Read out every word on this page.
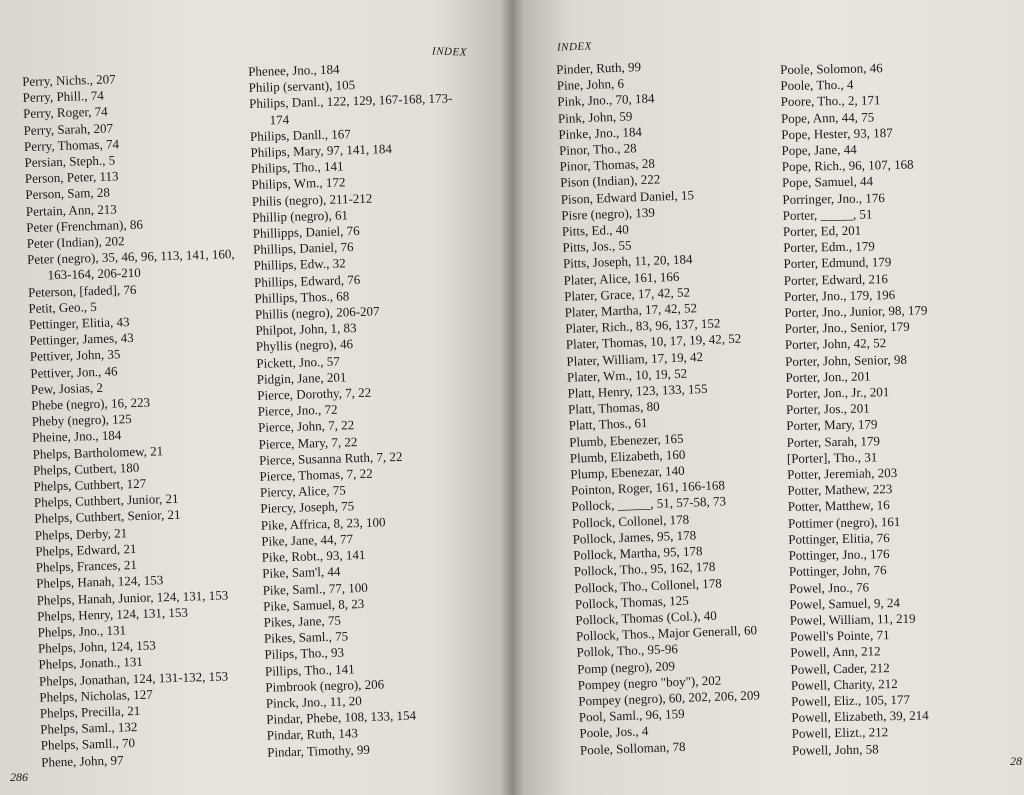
INDEX	INDEX
Perry, Nichs., 207
Perry, Phill., 74
Perry, Roger, 74
Perry, Sarah, 207
Perry, Thomas, 74
Persian, Steph., 5
Person, Peter, 113
Person, Sam, 28
Pertain, Ann, 213
Peter (Frenchman), 86
Peter (Indian), 202
Peter (negro), 35, 46, 96, 113, 141, 160,
163-164, 206-210
Peterson, [faded], 76
Petit, Geo., 5
Pettinger, Elitia, 43
Pettinger, James, 43
Pettiver, John, 35
Pettiver, Jon., 46
Pew, Josias, 2
Phebe (negro), 16, 223
Pheby (negro), 125
Pheine, Jno., 184
Phelps, Bartholomew, 21
Phelps, Cutbert, 180
Phelps, Cuthbert, 127
Phelps, Cuthbert, Junior, 21
Phelps, Cuthbert, Senior, 21
Phelps, Derby, 21
Phelps, Edward, 21
Phelps, Frances, 21
Phelps, Hanah, 124, 153
Phelps, Hanah, Junior, 124, 131, 153
Phelps, Henry, 124, 131, 153
Phelps, Jno., 131
Phelps, John, 124, 153
Phelps, Jonath., 131
Phelps, Jonathan, 124, 131-132, 153
Phelps, Nicholas, 127
Phelps, Precilla, 21
Phelps, Saml., 132
Phelps, Samll., 70
Phene, John, 97
Phenee, Jno., 184
Philip (servant), 105
Philips, Danl., 122, 129, 167-168, 173-
174
Philips, Danll., 167
Philips, Mary, 97, 141, 184
Philips, Tho., 141
Philips, Wm., 172
Philis (negro), 211-212
Phillip (negro), 61
Phillipps, Daniel, 76
Phillips, Daniel, 76
Phillips, Edw., 32
Phillips, Edward, 76
Phillips, Thos., 68
Phillis (negro), 206-207
Philpot, John, 1, 83
Phyllis (negro), 46
Pickett, Jno., 57
Pidgin, Jane, 201
Pierce, Dorothy, 7, 22
Pierce, Jno., 72
Pierce, John, 7, 22
Pierce, Mary, 7, 22
Pierce, Susanna Ruth, 7, 22
Pierce, Thomas, 7, 22
Piercy, Alice, 75
Piercy, Joseph, 75
Pike, Affrica, 8, 23, 100
Pike, Jane, 44, 77
Pike, Robt., 93, 141
Pike, Sam'l, 44
Pike, Saml., 77, 100
Pike, Samuel, 8, 23
Pikes, Jane, 75
Pikes, Saml., 75
Pilips, Tho., 93
Pillips, Tho., 141
Pimbrook (negro), 206
Pinck, Jno., 11, 20
Pindar, Phebe, 108, 133, 154
Pindar, Ruth, 143
Pindar, Timothy, 99
Pinder, Ruth, 99
Pine, John, 6
Pink, Jno., 70, 184
Pink, John, 59
Pinke, Jno., 184
Pinor, Tho., 28
Pinor, Thomas, 28
Pison (Indian), 222
Pison, Edward Daniel, 15
Pisre (negro), 139
Pitts, Ed., 40
Pitts, Jos., 55
Pitts, Joseph, 11, 20, 184
Plater, Alice, 161, 166
Plater, Grace, 17, 42, 52
Plater, Martha, 17, 42, 52
Plater, Rich., 83, 96, 137, 152
Plater, Thomas, 10, 17, 19, 42, 52
Plater, William, 17, 19, 42
Plater, Wm., 10, 19, 52
Platt, Henry, 123, 133, 155
Platt, Thomas, 80
Platt, Thos., 61
Plumb, Ebenezer, 165
Plumb, Elizabeth, 160
Plump, Ebenezar, 140
Pointon, Roger, 161, 166-168
Pollock, _____, 51, 57-58, 73
Pollock, Collonel, 178
Pollock, James, 95, 178
Pollock, Martha, 95, 178
Pollock, Tho., 95, 162, 178
Pollock, Tho., Collonel, 178
Pollock, Thomas, 125
Pollock, Thomas (Col.), 40
Pollock, Thos., Major Generall, 60
Pollok, Tho., 95-96
Pomp (negro), 209
Pompey (negro "boy"), 202
Pompey (negro), 60, 202, 206, 209
Pool, Saml., 96, 159
Poole, Jos., 4
Poole, Solloman, 78
Poole, Solomon, 46
Poole, Tho., 4
Poore, Tho., 2, 171
Pope, Ann, 44, 75
Pope, Hester, 93, 187
Pope, Jane, 44
Pope, Rich., 96, 107, 168
Pope, Samuel, 44
Porringer, Jno., 176
Porter, _____, 51
Porter, Ed, 201
Porter, Edm., 179
Porter, Edmund, 179
Porter, Edward, 216
Porter, Jno., 179, 196
Porter, Jno., Junior, 98, 179
Porter, Jno., Senior, 179
Porter, John, 42, 52
Porter, John, Senior, 98
Porter, Jon., 201
Porter, Jon., Jr., 201
Porter, Jos., 201
Porter, Mary, 179
Porter, Sarah, 179
[Porter], Tho., 31
Potter, Jeremiah, 203
Potter, Mathew, 223
Potter, Matthew, 16
Pottimer (negro), 161
Pottinger, Elitia, 76
Pottinger, Jno., 176
Pottinger, John, 76
Powel, Jno., 76
Powel, Samuel, 9, 24
Powel, William, 11, 219
Powell's Pointe, 71
Powell, Ann, 212
Powell, Cader, 212
Powell, Charity, 212
Powell, Eliz., 105, 177
Powell, Elizabeth, 39, 214
Powell, Elizt., 212
Powell, John, 58
286
28
